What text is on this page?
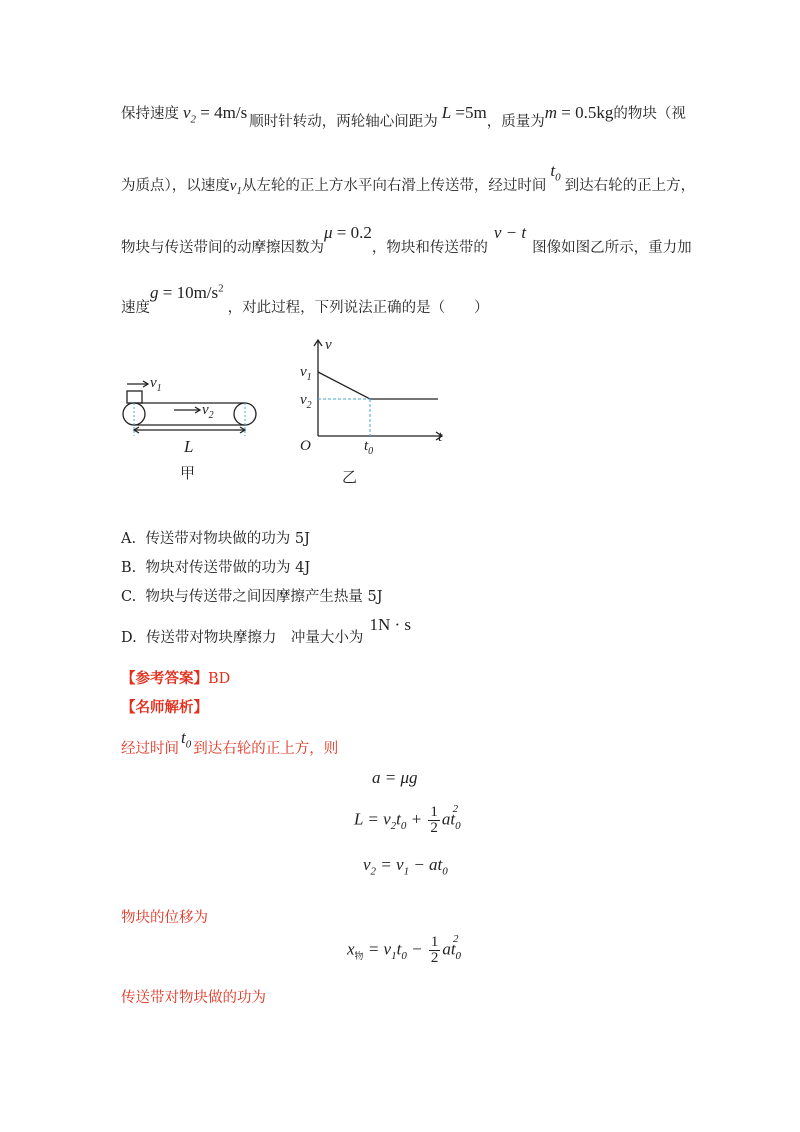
保持速度 $v_2 = 4m/s$ 顺时针转动，两轮轴心间距为 L =5m，质量为m = 0.5kg的物块（视
为质点），以速度$v_1$从左轮的正上方水平向右滑上传送带，经过时间$t_0$到达右轮的正上方，
物块与传送带间的动摩擦因数为μ = 0.2，物块和传送带的v − t图像如图乙所示，重力加
速度$g = 10m/s^2$，对此过程，下列说法正确的是（　　）
$v_1$
$v_2$
L
甲
v
t
O
$v_1$
$v_2$
$t_0$
乙
A. 传送带对物块做的功为 5J
B. 物块对传送带做的功为 4J
C. 物块与传送带之间因摩擦产生热量 5J
D. 传送带对物块摩擦力　冲量大小为1N · s
【参考答案】BD
【名师解析】
经过时间$t_0$ 到达右轮的正上方，则
a = μg
$L = v_2t_0 + \frac{1}{2} at_0^2$
$v_2 = v_1 - at_0$
物块的位移为
$x_物 = v_1t_0 - \frac{1}{2} at_0^2$
传送带对物块做的功为
